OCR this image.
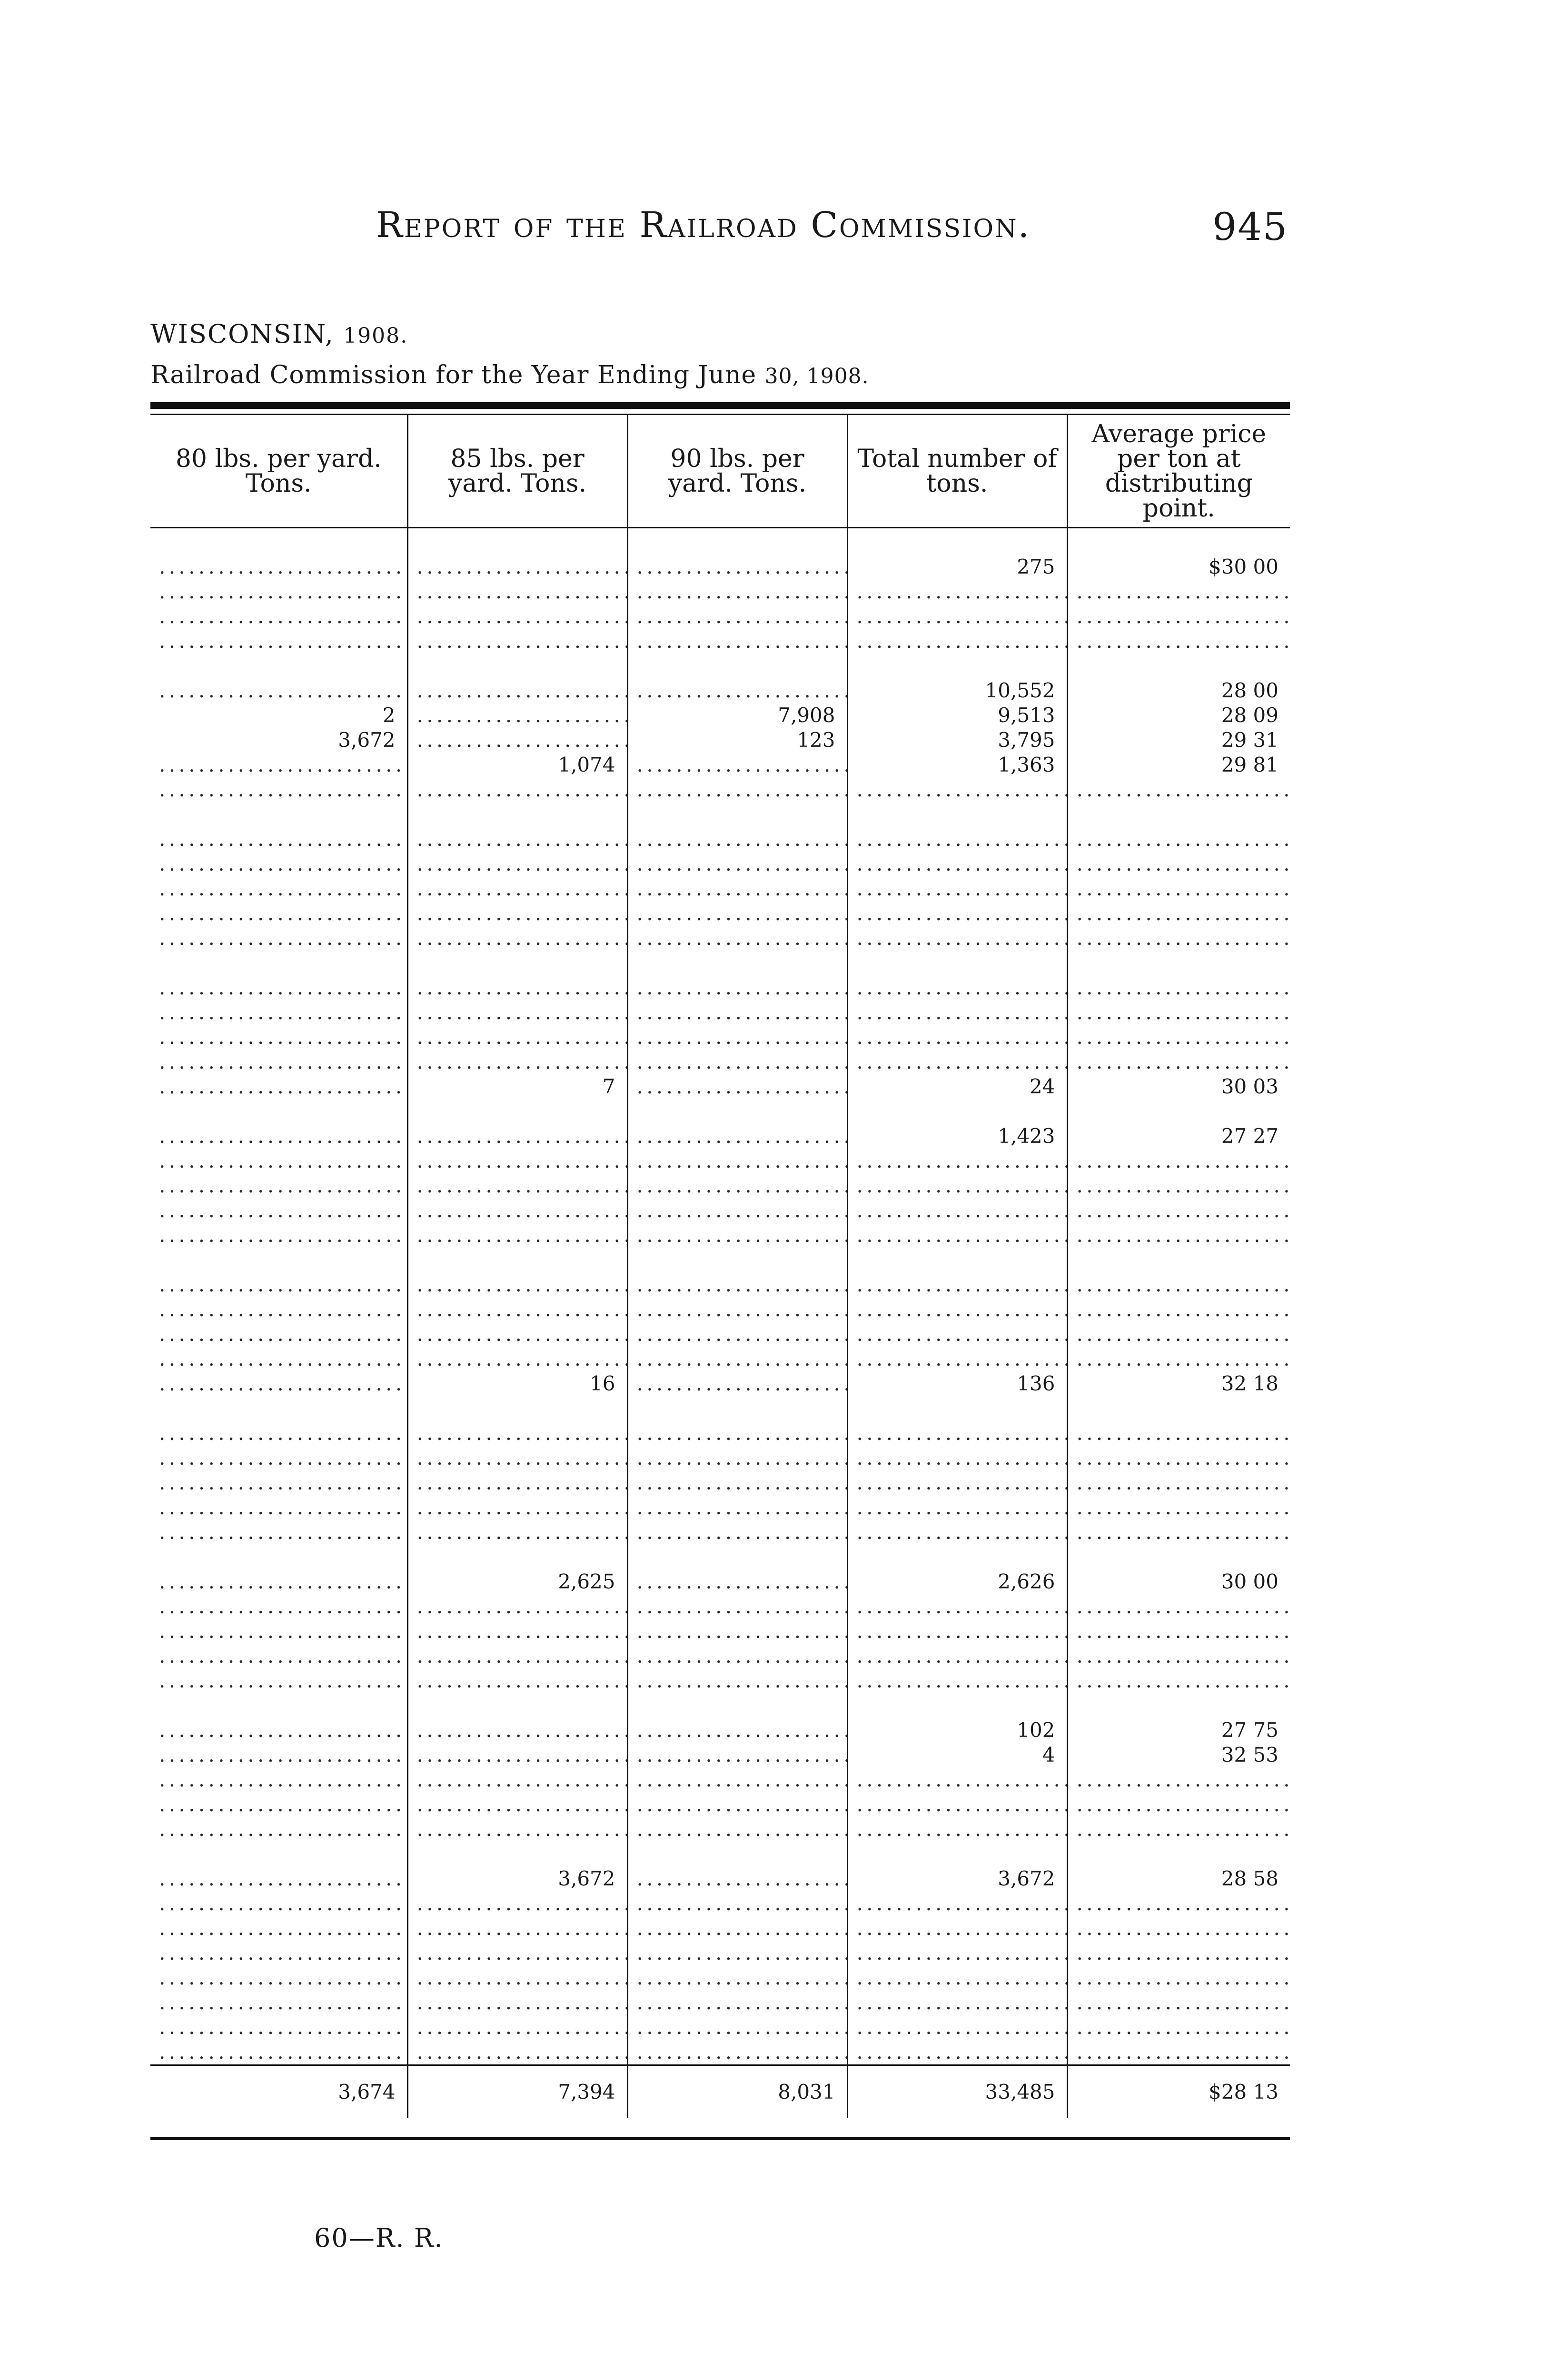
Report of the Railroad Commission.	945
WISCONSIN, 1908.
Railroad Commission for the Year Ending June 30, 1908.
80 lbs. per yard. Tons.	85 lbs. per yard. Tons.	90 lbs. per yard. Tons.	Total number of tons.	Average price per ton at distributing point.

. . .	. . .	. . .	275	$30 00
. . .	. . .	. . .	. . .	. . .
. . .	. . .	. . .	. . .	. . .
. . .	. . .	. . .	. . .	. . .

. . .	. . .	. . .	10,552	28 00
2	. . .	7,908	9,513	28 09
3,672	. . .	123	3,795	29 31
. . .	1,074	. . .	1,363	29 81
. . .	. . .	. . .	. . .	. . .

. . .	. . .	. . .	. . .	. . .
. . .	. . .	. . .	. . .	. . .
. . .	. . .	. . .	. . .	. . .
. . .	. . .	. . .	. . .	. . .
. . .	. . .	. . .	. . .	. . .

. . .	. . .	. . .	. . .	. . .
. . .	. . .	. . .	. . .	. . .
. . .	. . .	. . .	. . .	. . .
. . .	. . .	. . .	. . .	. . .
. . .	7	. . .	24	30 03

. . .	. . .	. . .	1,423	27 27
. . .	. . .	. . .	. . .	. . .
. . .	. . .	. . .	. . .	. . .
. . .	. . .	. . .	. . .	. . .
. . .	. . .	. . .	. . .	. . .

. . .	. . .	. . .	. . .	. . .
. . .	. . .	. . .	. . .	. . .
. . .	. . .	. . .	. . .	. . .
. . .	. . .	. . .	. . .	. . .
. . .	16	. . .	136	32 18

. . .	. . .	. . .	. . .	. . .
. . .	. . .	. . .	. . .	. . .
. . .	. . .	. . .	. . .	. . .
. . .	. . .	. . .	. . .	. . .
. . .	. . .	. . .	. . .	. . .

. . .	2,625	. . .	2,626	30 00
. . .	. . .	. . .	. . .	. . .
. . .	. . .	. . .	. . .	. . .
. . .	. . .	. . .	. . .	. . .
. . .	. . .	. . .	. . .	. . .

. . .	. . .	. . .	102	27 75
. . .	. . .	. . .	4	32 53
. . .	. . .	. . .	. . .	. . .
. . .	. . .	. . .	. . .	. . .
. . .	. . .	. . .	. . .	. . .

. . .	3,672	. . .	3,672	28 58
. . .	. . .	. . .	. . .	. . .
. . .	. . .	. . .	. . .	. . .
. . .	. . .	. . .	. . .	. . .
. . .	. . .	. . .	. . .	. . .
. . .	. . .	. . .	. . .	. . .
. . .	. . .	. . .	. . .	. . .
. . .	. . .	. . .	. . .	. . .
3,674	7,394	8,031	33,485	$28 13
60—R. R.
